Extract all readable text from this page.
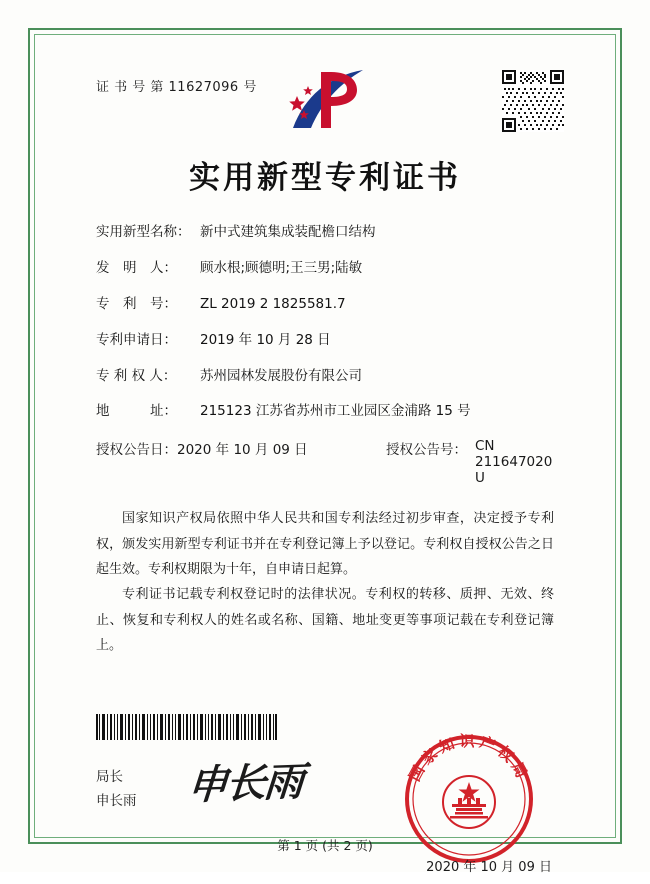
证 书 号 第 11627096 号
实用新型专利证书
实用新型名称： 新中式建筑集成装配檐口结构
发　明　人：	顾水根;顾德明;王三男;陆敏
专　利　号：	ZL 2019 2 1825581.7
专利申请日：	2019 年 10 月 28 日
专 利 权 人：	苏州园林发展股份有限公司
地　　　址：	215123 江苏省苏州市工业园区金浦路 15 号
授权公告日： 2020 年 10 月 09 日	授权公告号： CN 211647020 U

国家知识产权局依照中华人民共和国专利法经过初步审查，决定授予专利权，颁发实用新型专利证书并在专利登记簿上予以登记。专利权自授权公告之日起生效。专利权期限为十年，自申请日起算。

专利证书记载专利权登记时的法律状况。专利权的转移、质押、无效、终止、恢复和专利权人的姓名或名称、国籍、地址变更等事项记载在专利登记簿上。

局长
申长雨 申长雨	国家知识产权局
2020 年 10 月 09 日
第 1 页 (共 2 页)
